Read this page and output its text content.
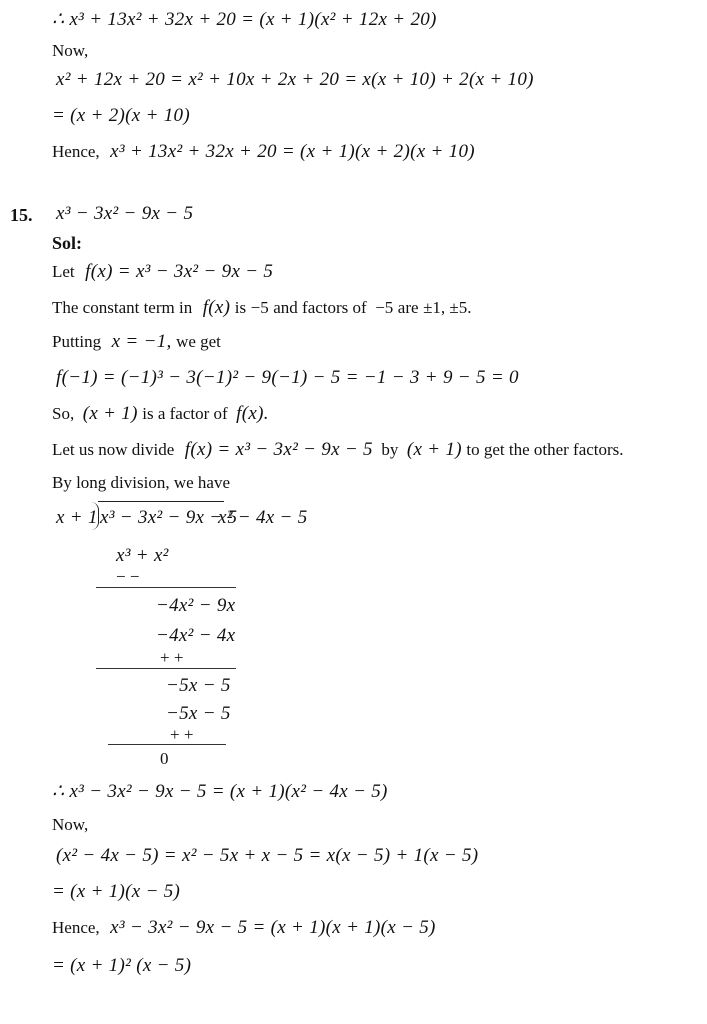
∴ x³ + 13x² + 32x + 20 = (x + 1)(x² + 12x + 20)
Now,
x² + 12x + 20 = x² + 10x + 2x + 20 = x(x + 10) + 2(x + 10)
= (x + 2)(x + 10)
Hence, x³ + 13x² + 32x + 20 = (x + 1)(x + 2)(x + 10)
15. x³ − 3x² − 9x − 5
Sol:
Let f(x) = x³ − 3x² − 9x − 5
The constant term in f(x) is −5 and factors of −5 are ±1, ±5.
Putting x = −1, we get
f(−1) = (−1)³ − 3(−1)² − 9(−1) − 5 = −1 − 3 + 9 − 5 = 0
So, (x + 1) is a factor of f(x).
Let us now divide f(x) = x³ − 3x² − 9x − 5 by (x + 1) to get the other factors.
By long division, we have
x + 1 x³ − 3x² − 9x − 5
x² − 4x − 5
x³ + x²
− −
−4x² − 9x
−4x² − 4x
+ +
−5x − 5
−5x − 5
+ +
0
∴ x³ − 3x² − 9x − 5 = (x + 1)(x² − 4x − 5)
Now,
(x² − 4x − 5) = x² − 5x + x − 5 = x(x − 5) + 1(x − 5)
= (x + 1)(x − 5)
Hence, x³ − 3x² − 9x − 5 = (x + 1)(x + 1)(x − 5)
= (x + 1)² (x − 5)
